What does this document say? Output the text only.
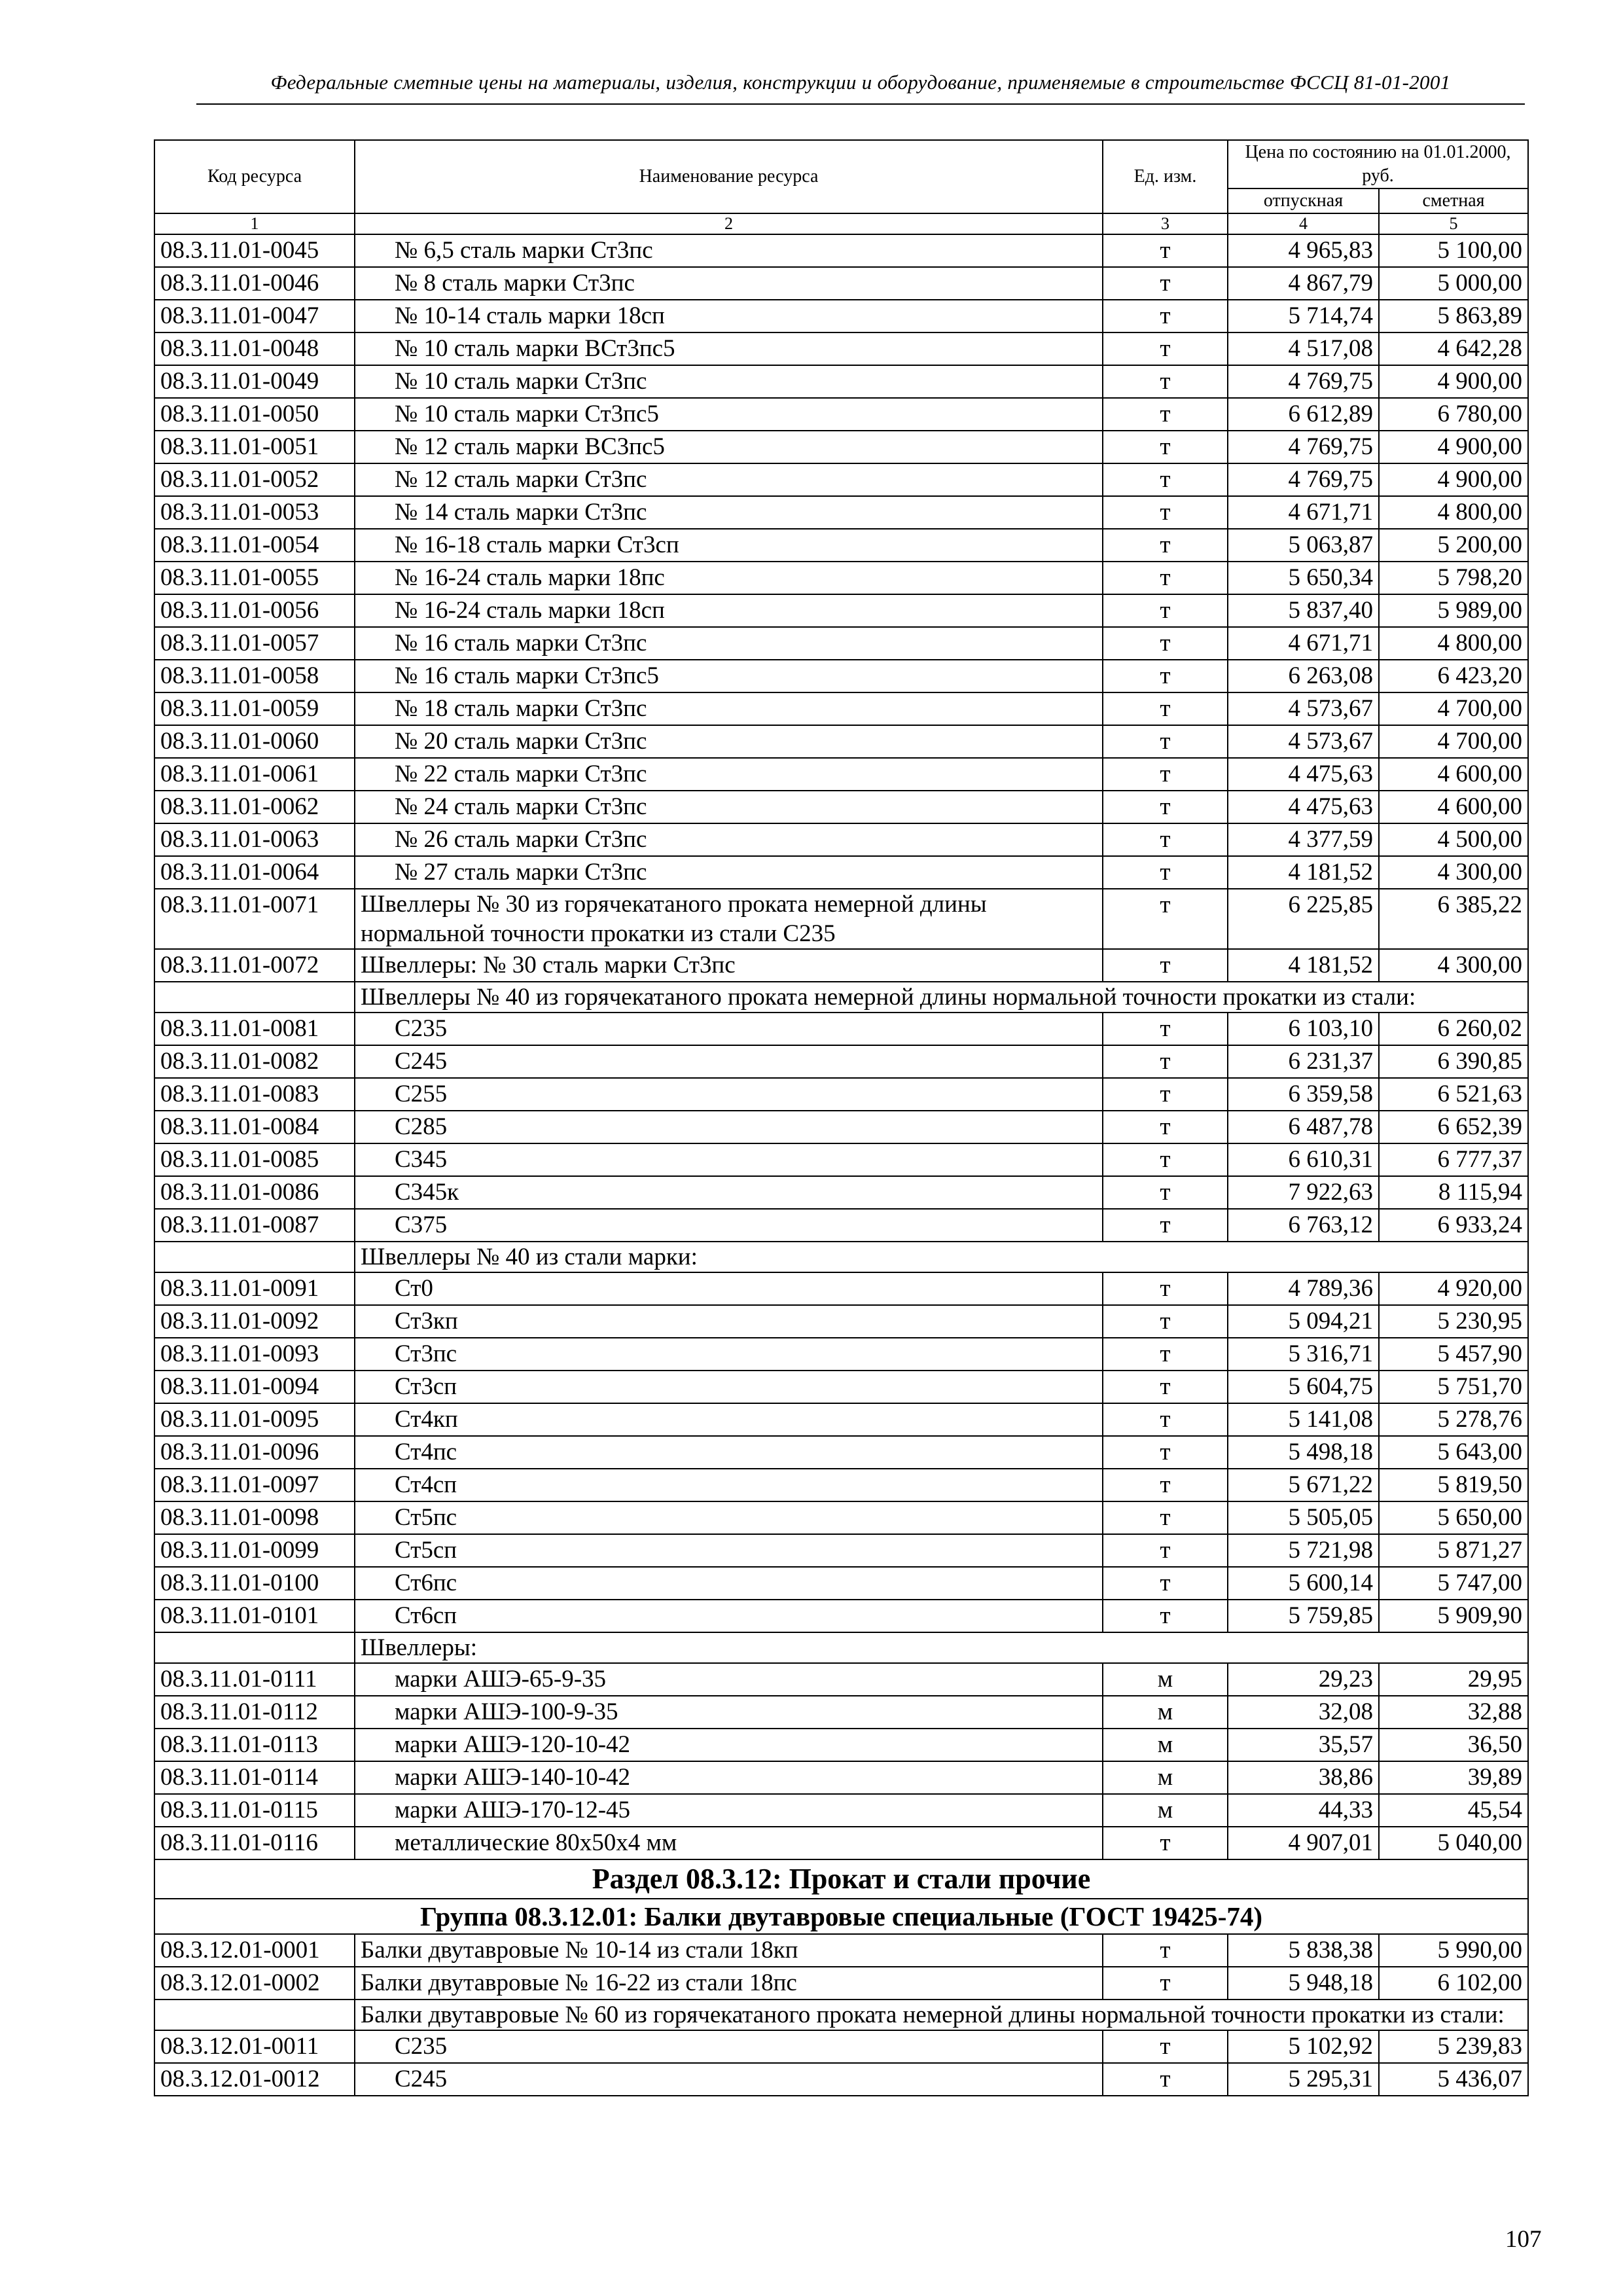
Федеральные сметные цены на материалы, изделия, конструкции и оборудование, применяемые в строительстве ФССЦ 81-01-2001
Код ресурса	Наименование ресурса	Ед. изм.	Цена по состоянию на 01.01.2000, руб.	
			отпускная	сметная
1	2	3	4	5
08.3.11.01-0045	№ 6,5 сталь марки Ст3пс	т	4 965,83	5 100,00
08.3.11.01-0046	№ 8 сталь марки Ст3пс	т	4 867,79	5 000,00
08.3.11.01-0047	№ 10-14 сталь марки 18сп	т	5 714,74	5 863,89
08.3.11.01-0048	№ 10 сталь марки ВСт3пс5	т	4 517,08	4 642,28
08.3.11.01-0049	№ 10 сталь марки Ст3пс	т	4 769,75	4 900,00
08.3.11.01-0050	№ 10 сталь марки Ст3пс5	т	6 612,89	6 780,00
08.3.11.01-0051	№ 12 сталь марки ВС3пс5	т	4 769,75	4 900,00
08.3.11.01-0052	№ 12 сталь марки Ст3пс	т	4 769,75	4 900,00
08.3.11.01-0053	№ 14 сталь марки Ст3пс	т	4 671,71	4 800,00
08.3.11.01-0054	№ 16-18 сталь марки Ст3сп	т	5 063,87	5 200,00
08.3.11.01-0055	№ 16-24 сталь марки 18пс	т	5 650,34	5 798,20
08.3.11.01-0056	№ 16-24 сталь марки 18сп	т	5 837,40	5 989,00
08.3.11.01-0057	№ 16 сталь марки Ст3пс	т	4 671,71	4 800,00
08.3.11.01-0058	№ 16 сталь марки Ст3пс5	т	6 263,08	6 423,20
08.3.11.01-0059	№ 18 сталь марки Ст3пс	т	4 573,67	4 700,00
08.3.11.01-0060	№ 20 сталь марки Ст3пс	т	4 573,67	4 700,00
08.3.11.01-0061	№ 22 сталь марки Ст3пс	т	4 475,63	4 600,00
08.3.11.01-0062	№ 24 сталь марки Ст3пс	т	4 475,63	4 600,00
08.3.11.01-0063	№ 26 сталь марки Ст3пс	т	4 377,59	4 500,00
08.3.11.01-0064	№ 27 сталь марки Ст3пс	т	4 181,52	4 300,00
08.3.11.01-0071	Швеллеры № 30 из горячекатаного проката немерной длины нормальной точности прокатки из стали С235	т	6 225,85	6 385,22
08.3.11.01-0072	Швеллеры: № 30 сталь марки Ст3пс	т	4 181,52	4 300,00
	Швеллеры № 40 из горячекатаного проката немерной длины нормальной точности прокатки из стали:			
08.3.11.01-0081	С235	т	6 103,10	6 260,02
08.3.11.01-0082	С245	т	6 231,37	6 390,85
08.3.11.01-0083	С255	т	6 359,58	6 521,63
08.3.11.01-0084	С285	т	6 487,78	6 652,39
08.3.11.01-0085	С345	т	6 610,31	6 777,37
08.3.11.01-0086	С345к	т	7 922,63	8 115,94
08.3.11.01-0087	С375	т	6 763,12	6 933,24
	Швеллеры № 40 из стали марки:			
08.3.11.01-0091	Ст0	т	4 789,36	4 920,00
08.3.11.01-0092	Ст3кп	т	5 094,21	5 230,95
08.3.11.01-0093	Ст3пс	т	5 316,71	5 457,90
08.3.11.01-0094	Ст3сп	т	5 604,75	5 751,70
08.3.11.01-0095	Ст4кп	т	5 141,08	5 278,76
08.3.11.01-0096	Ст4пс	т	5 498,18	5 643,00
08.3.11.01-0097	Ст4сп	т	5 671,22	5 819,50
08.3.11.01-0098	Ст5пс	т	5 505,05	5 650,00
08.3.11.01-0099	Ст5сп	т	5 721,98	5 871,27
08.3.11.01-0100	Ст6пс	т	5 600,14	5 747,00
08.3.11.01-0101	Ст6сп	т	5 759,85	5 909,90
	Швеллеры:			
08.3.11.01-0111	марки АШЭ-65-9-35	м	29,23	29,95
08.3.11.01-0112	марки АШЭ-100-9-35	м	32,08	32,88
08.3.11.01-0113	марки АШЭ-120-10-42	м	35,57	36,50
08.3.11.01-0114	марки АШЭ-140-10-42	м	38,86	39,89
08.3.11.01-0115	марки АШЭ-170-12-45	м	44,33	45,54
08.3.11.01-0116	металлические 80х50х4 мм	т	4 907,01	5 040,00
Раздел 08.3.12: Прокат и стали прочие				
Группа 08.3.12.01: Балки двутавровые специальные (ГОСТ 19425-74)				
08.3.12.01-0001	Балки двутавровые № 10-14 из стали 18кп	т	5 838,38	5 990,00
08.3.12.01-0002	Балки двутавровые № 16-22 из стали 18пс	т	5 948,18	6 102,00
	Балки двутавровые № 60 из горячекатаного проката немерной длины нормальной точности прокатки из стали:			
08.3.12.01-0011	С235	т	5 102,92	5 239,83
08.3.12.01-0012	С245	т	5 295,31	5 436,07
107
